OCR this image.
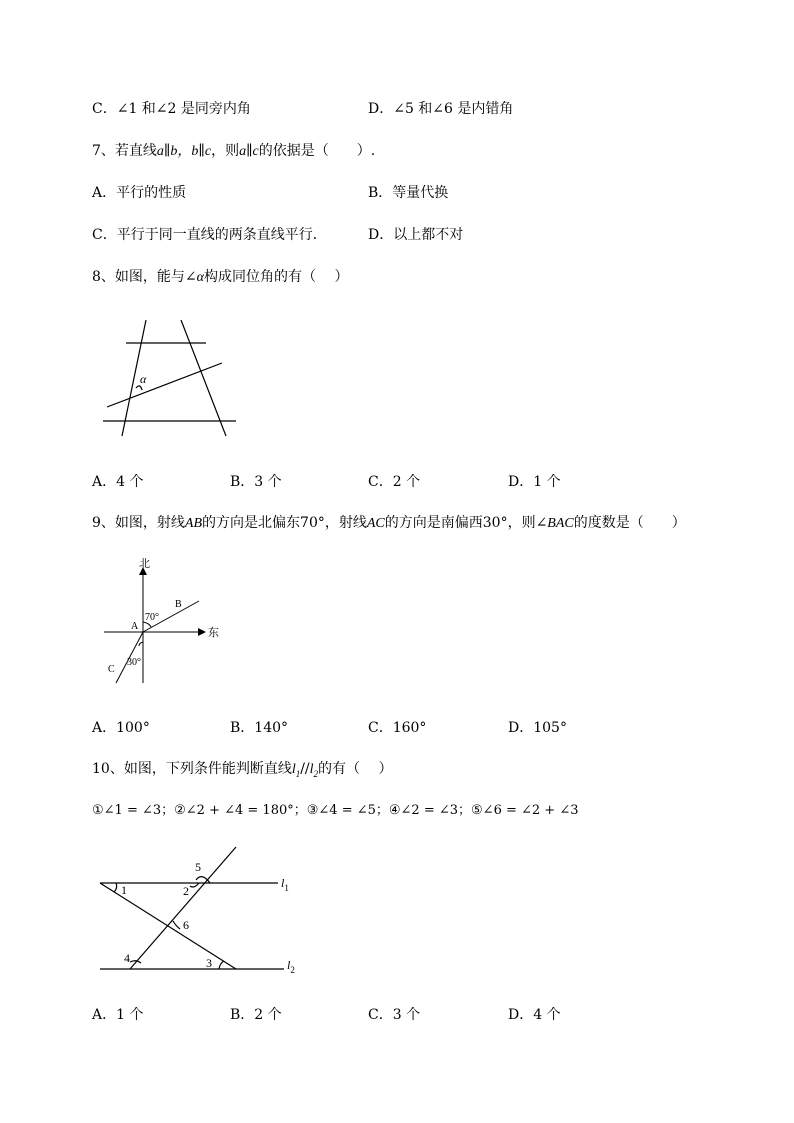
C．∠1 和∠2 是同旁内角	D．∠5 和∠6 是内错角
7、若直线a∥b，b∥c，则a∥c的依据是（　　）.
A．平行的性质	B．等量代换
C．平行于同一直线的两条直线平行．	D．以上都不对
8、如图，能与∠α构成同位角的有（　 ）
α
A．4 个	B．3 个	C．2 个	D．1 个
9、如图，射线AB的方向是北偏东70°，射线AC的方向是南偏西30°，则∠BAC的度数是（　　）
北
东
A
B
C
70°
30°
A．100°	B．140°	C．160°	D．105°
10、如图，下列条件能判断直线$l_1//l_2$的有（　 ）
①∠1 = ∠3；②∠2 + ∠4 = 180°；③∠4 = ∠5；④∠2 = ∠3；⑤∠6 = ∠2 + ∠3
1	2
5
6
4	3
$l_1$
$l_2$
A．1 个	B．2 个	C．3 个	D．4 个
